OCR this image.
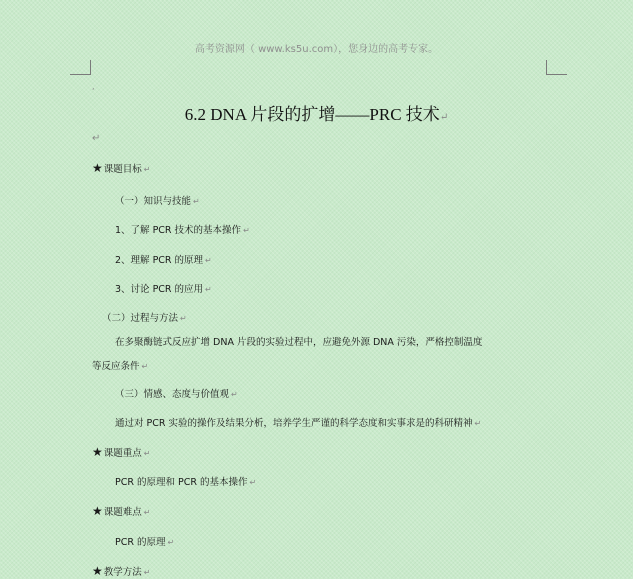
高考资源网（ www.ks5u.com），您身边的高考专家。
,
6.2 DNA 片段的扩增——PRC 技术↵
↵
★课题目标 ↵
（一）知识与技能 ↵
1、了解 PCR 技术的基本操作 ↵
2、理解 PCR 的原理 ↵
3、讨论 PCR 的应用 ↵
（二）过程与方法 ↵
在多聚酶链式反应扩增 DNA 片段的实验过程中，应避免外源 DNA 污染，严格控制温度
等反应条件 ↵
（三）情感、态度与价值观 ↵
通过对 PCR 实验的操作及结果分析，培养学生严谨的科学态度和实事求是的科研精神 ↵
★课题重点 ↵
PCR 的原理和 PCR 的基本操作 ↵
★课题难点 ↵
PCR 的原理 ↵
★教学方法 ↵
